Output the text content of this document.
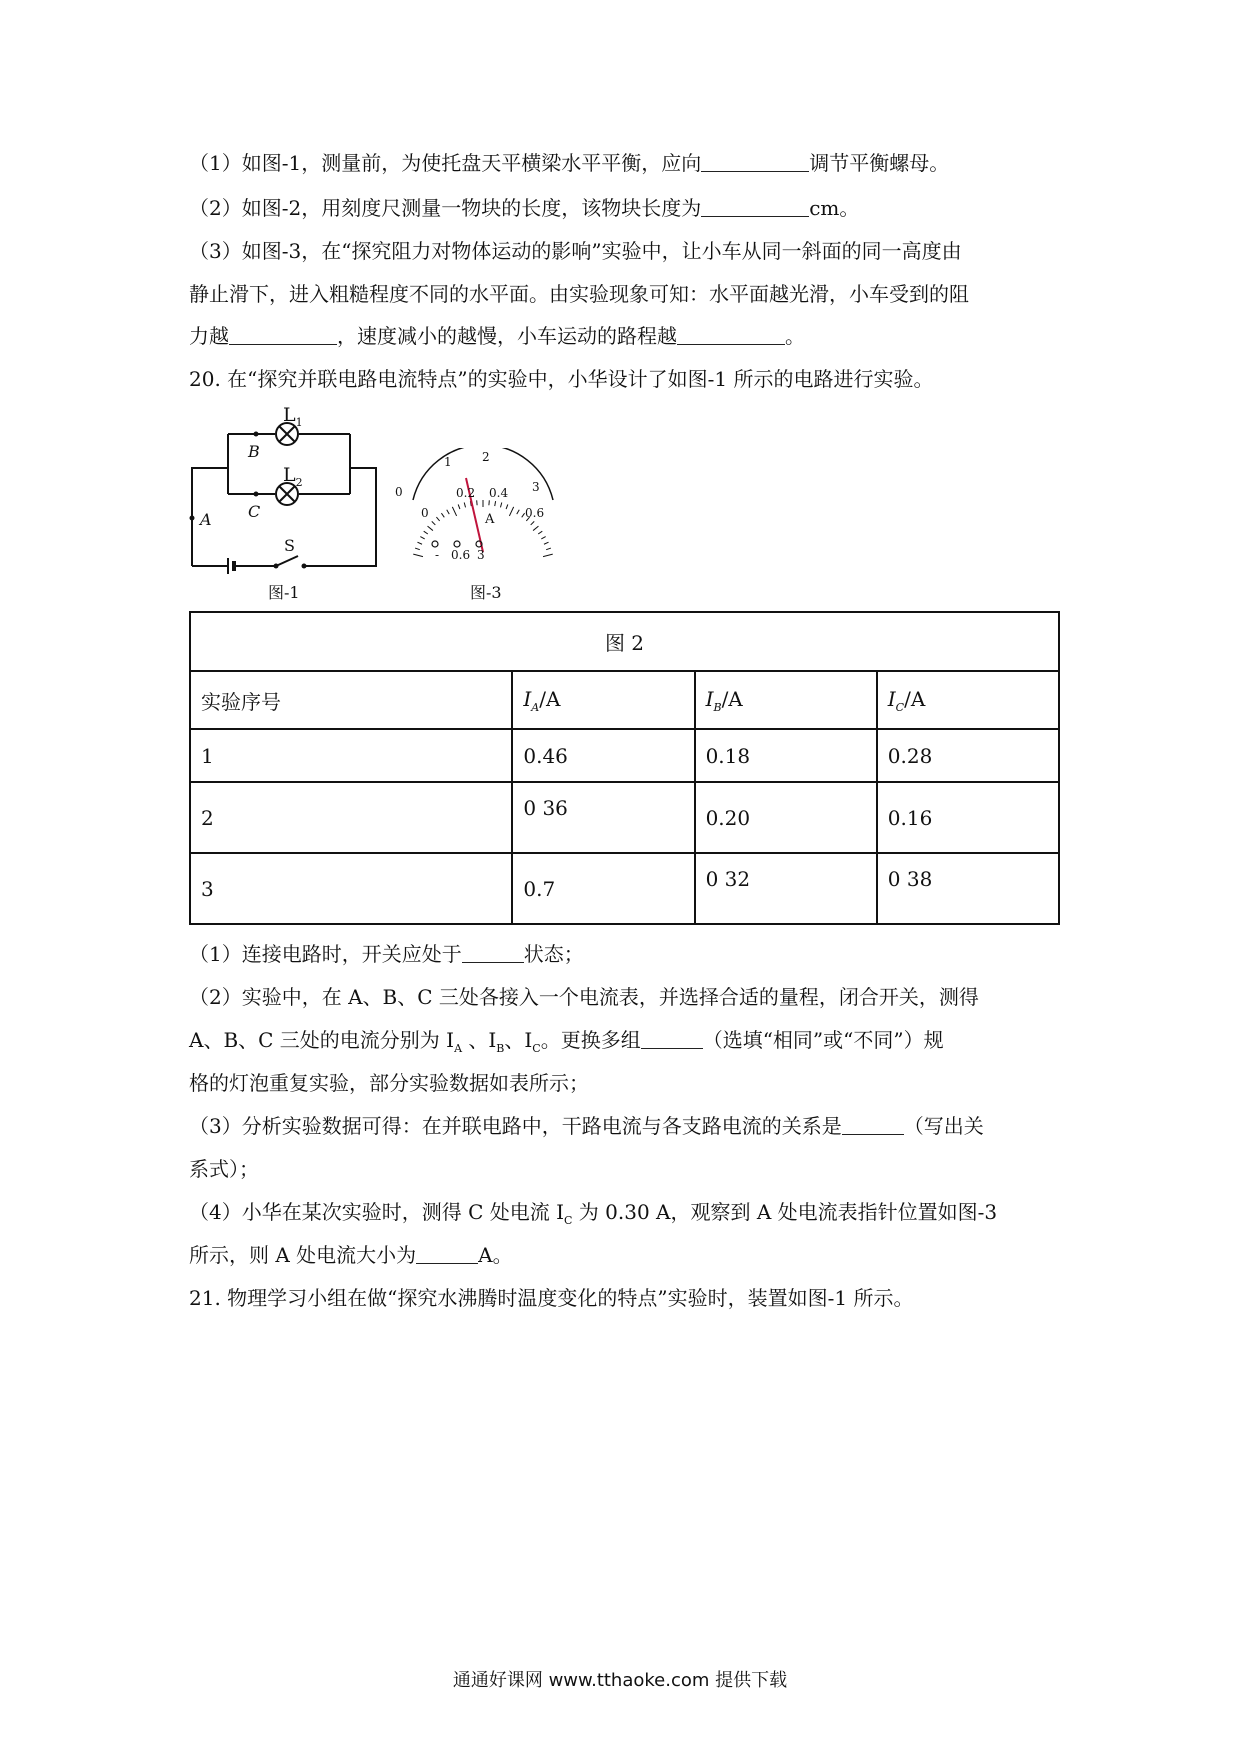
（1）如图-1，测量前，为使托盘天平横梁水平平衡，应向	调节平衡螺母。
（2）如图-2，用刻度尺测量一物块的长度，该物块长度为	cm。
（3）如图-3，在“探究阻力对物体运动的影响”实验中，让小车从同一斜面的同一高度由
静止滑下，进入粗糙程度不同的水平面。由实验现象可知：水平面越光滑，小车受到的阻
力越	，速度减小的越慢，小车运动的路程越	。
20. 在“探究并联电路电流特点”的实验中，小华设计了如图-1 所示的电路进行实验。
$L_1$
$L_2$
B
C
A
S
图-1
1	2
3
0
0
0.2 0.4
0.6
A
- 0.6 3
图-3
图 2			
实验序号	$I_A/A$	$I_B/A$	$I_C/A$
1	0.46	0.18	0.28
2	0 36	0.20	0.16
3	0.7	0 32	0 38
（1）连接电路时，开关应处于	状态；
（2）实验中，在 A、B、C 三处各接入一个电流表，并选择合适的量程，闭合开关，测得
A、B、C 三处的电流分别为 $I_A$ 、$I_B$、$I_C$。更换多组	（选填“相同”或“不同”）规
格的灯泡重复实验，部分实验数据如表所示；
（3）分析实验数据可得：在并联电路中，干路电流与各支路电流的关系是	（写出关
系式）；
（4）小华在某次实验时，测得 C 处电流 $I_C$ 为 0.30 A，观察到 A 处电流表指针位置如图-3
所示，则 A 处电流大小为	A。
21. 物理学习小组在做“探究水沸腾时温度变化的特点”实验时，装置如图-1 所示。
通通好课网 www.tthaoke.com 提供下载
